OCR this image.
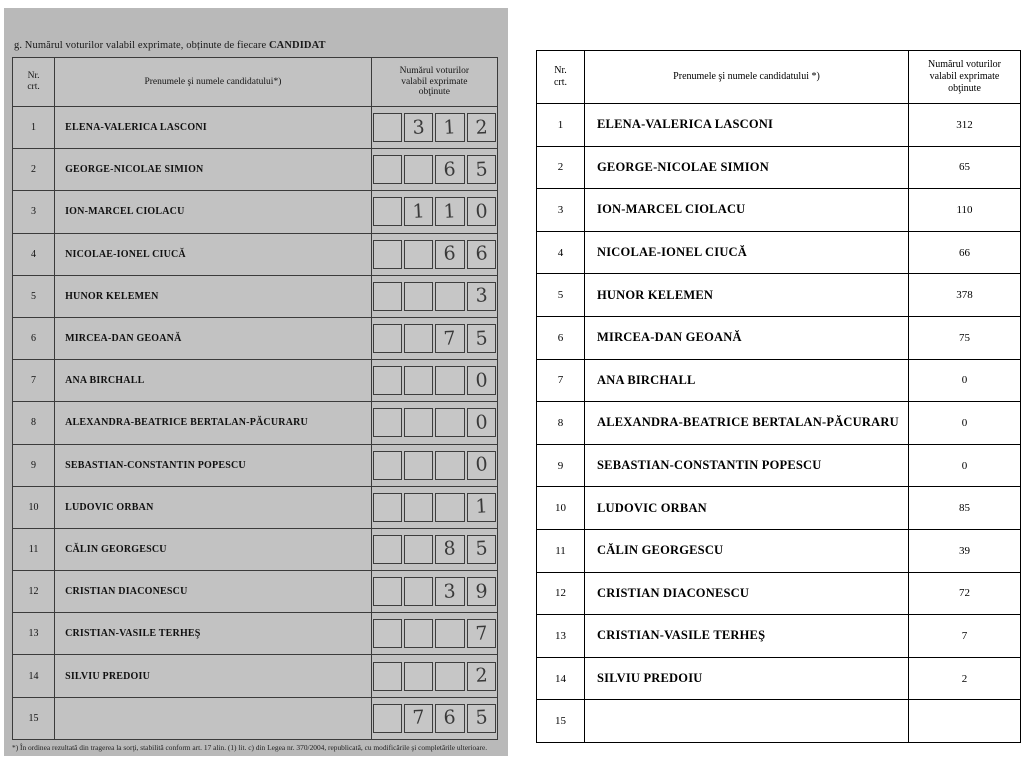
g. Numărul voturilor valabil exprimate, obținute de fiecare CANDIDAT
Nr.
crt.
	Prenumele şi numele candidatului*)	
Numărul voturilor
valabil exprimate
obţinute

1	ELENA-VALERICA LASCONI	3 1 2

2	GEORGE-NICOLAE SIMION	6 5

3	ION-MARCEL CIOLACU	1 1 0

4	NICOLAE-IONEL CIUCĂ	6 6

5	HUNOR KELEMEN	3

6	MIRCEA-DAN GEOANĂ	7 5

7	ANA BIRCHALL	0

8	ALEXANDRA-BEATRICE BERTALAN-PĂCURARU	0

9	SEBASTIAN-CONSTANTIN POPESCU	0

10	LUDOVIC ORBAN	1

11	CĂLIN GEORGESCU	8 5

12	CRISTIAN DIACONESCU	3 9

13	CRISTIAN-VASILE TERHEŞ	7

14	SILVIU PREDOIU	2

15		7 6 5
*) În ordinea rezultată din tragerea la sorţi, stabilită conform art. 17 alin. (1) lit. c) din Legea nr. 370/2004, republicată, cu modificările şi completările ulterioare.
Nr.
crt.
	Prenumele şi numele candidatului *)	
Numărul voturilor
valabil exprimate
obţinute

1	ELENA-VALERICA LASCONI	312
2	GEORGE-NICOLAE SIMION	65
3	ION-MARCEL CIOLACU	110
4	NICOLAE-IONEL CIUCĂ	66
5	HUNOR KELEMEN	378
6	MIRCEA-DAN GEOANĂ	75
7	ANA BIRCHALL	0
8	ALEXANDRA-BEATRICE BERTALAN-PĂCURARU	0
9	SEBASTIAN-CONSTANTIN POPESCU	0
10	LUDOVIC ORBAN	85
11	CĂLIN GEORGESCU	39
12	CRISTIAN DIACONESCU	72
13	CRISTIAN-VASILE TERHEŞ	7
14	SILVIU PREDOIU	2
15		
